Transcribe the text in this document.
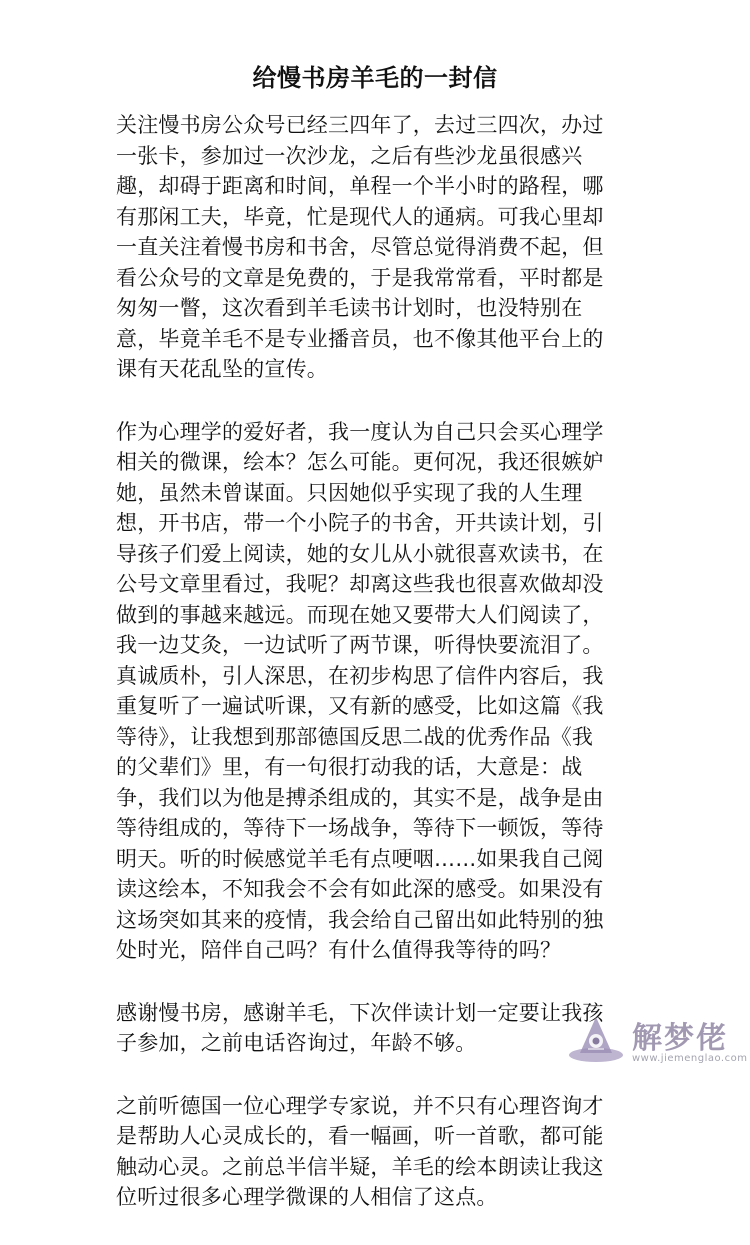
给慢书房羊毛的一封信
关注慢书房公众号已经三四年了，去过三四次，办过
一张卡，参加过一次沙龙，之后有些沙龙虽很感兴
趣，却碍于距离和时间，单程一个半小时的路程，哪
有那闲工夫，毕竟，忙是现代人的通病。可我心里却
一直关注着慢书房和书舍，尽管总觉得消费不起，但
看公众号的文章是免费的，于是我常常看，平时都是
匆匆一瞥，这次看到羊毛读书计划时，也没特别在
意，毕竟羊毛不是专业播音员，也不像其他平台上的
课有天花乱坠的宣传。
作为心理学的爱好者，我一度认为自己只会买心理学
相关的微课，绘本？怎么可能。更何况，我还很嫉妒
她，虽然未曾谋面。只因她似乎实现了我的人生理
想，开书店，带一个小院子的书舍，开共读计划，引
导孩子们爱上阅读，她的女儿从小就很喜欢读书，在
公号文章里看过，我呢？却离这些我也很喜欢做却没
做到的事越来越远。而现在她又要带大人们阅读了，
我一边艾灸，一边试听了两节课，听得快要流泪了。
真诚质朴，引人深思，在初步构思了信件内容后，我
重复听了一遍试听课，又有新的感受，比如这篇《我
等待》，让我想到那部德国反思二战的优秀作品《我
的父辈们》里，有一句很打动我的话，大意是：战
争，我们以为他是搏杀组成的，其实不是，战争是由
等待组成的，等待下一场战争，等待下一顿饭，等待
明天。听的时候感觉羊毛有点哽咽……如果我自己阅
读这绘本，不知我会不会有如此深的感受。如果没有
这场突如其来的疫情，我会给自己留出如此特别的独
处时光，陪伴自己吗？有什么值得我等待的吗？
感谢慢书房，感谢羊毛，下次伴读计划一定要让我孩
子参加，之前电话咨询过，年龄不够。
之前听德国一位心理学专家说，并不只有心理咨询才
是帮助人心灵成长的，看一幅画，听一首歌，都可能
触动心灵。之前总半信半疑，羊毛的绘本朗读让我这
位听过很多心理学微课的人相信了这点。
解梦佬
www.jiemenglao.com
